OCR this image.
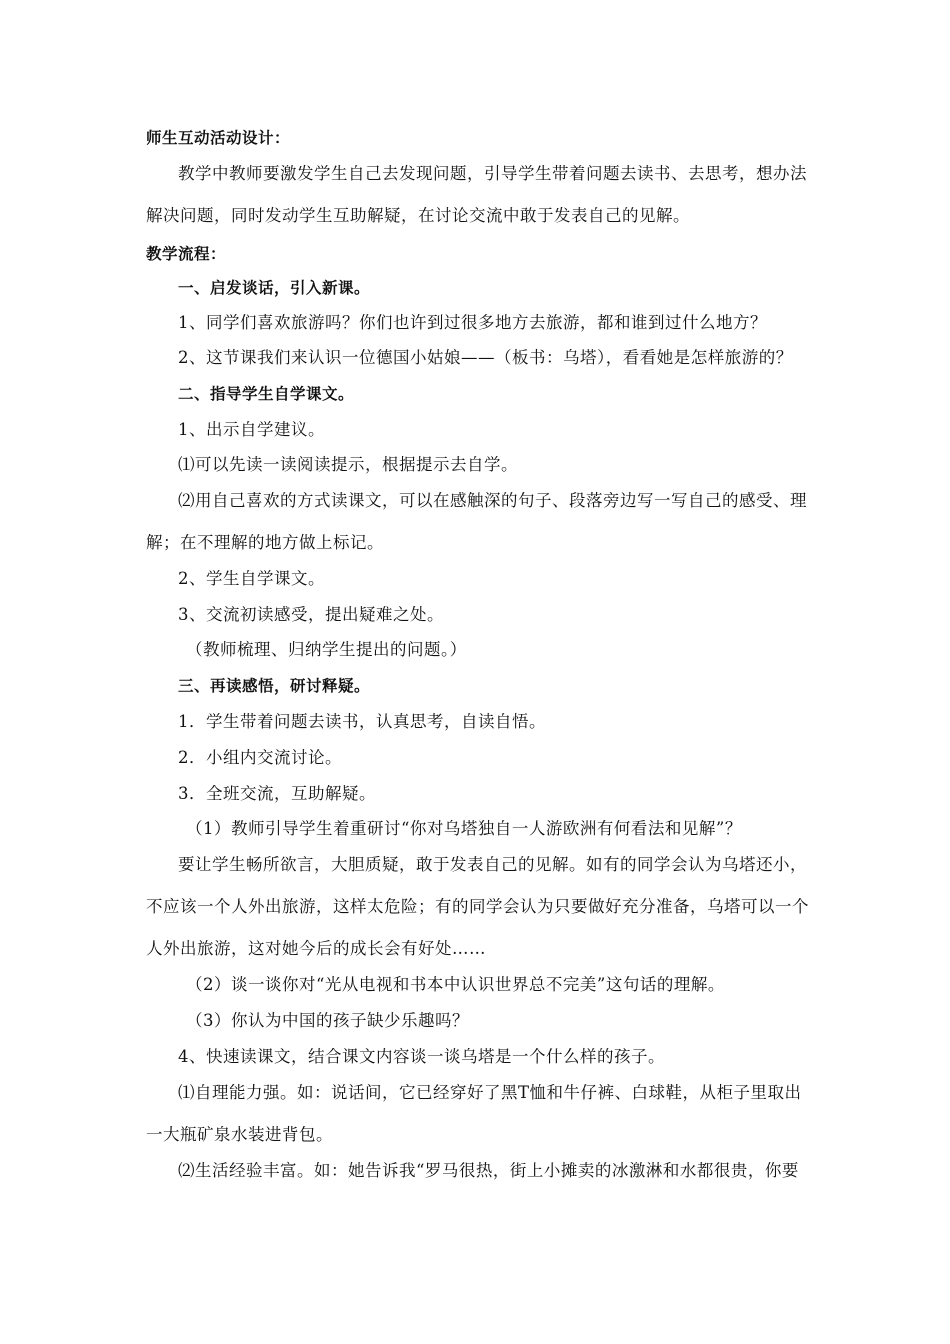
师生互动活动设计：

教学中教师要激发学生自己去发现问题，引导学生带着问题去读书、去思考，想办法

解决问题，同时发动学生互助解疑，在讨论交流中敢于发表自己的见解。

教学流程：

一、启发谈话，引入新课。

1、同学们喜欢旅游吗？你们也许到过很多地方去旅游，都和谁到过什么地方？

2、这节课我们来认识一位德国小姑娘——（板书：乌塔），看看她是怎样旅游的？

二、指导学生自学课文。

1、出示自学建议。

⑴可以先读一读阅读提示，根据提示去自学。

⑵用自己喜欢的方式读课文，可以在感触深的句子、段落旁边写一写自己的感受、理

解；在不理解的地方做上标记。

2、学生自学课文。

3、交流初读感受，提出疑难之处。

（教师梳理、归纳学生提出的问题。）

三、再读感悟，研讨释疑。

1．学生带着问题去读书，认真思考，自读自悟。

2．小组内交流讨论。

3．全班交流，互助解疑。

（1）教师引导学生着重研讨“你对乌塔独自一人游欧洲有何看法和见解”？

要让学生畅所欲言，大胆质疑，敢于发表自己的见解。如有的同学会认为乌塔还小，

不应该一个人外出旅游，这样太危险；有的同学会认为只要做好充分准备，乌塔可以一个

人外出旅游，这对她今后的成长会有好处……

（2）谈一谈你对“光从电视和书本中认识世界总不完美”这句话的理解。

（3）你认为中国的孩子缺少乐趣吗？

4、快速读课文，结合课文内容谈一谈乌塔是一个什么样的孩子。

⑴自理能力强。如：说话间，它已经穿好了黑T恤和牛仔裤、白球鞋，从柜子里取出

一大瓶矿泉水装进背包。

⑵生活经验丰富。如：她告诉我“罗马很热，街上小摊卖的冰激淋和水都很贵，你要
